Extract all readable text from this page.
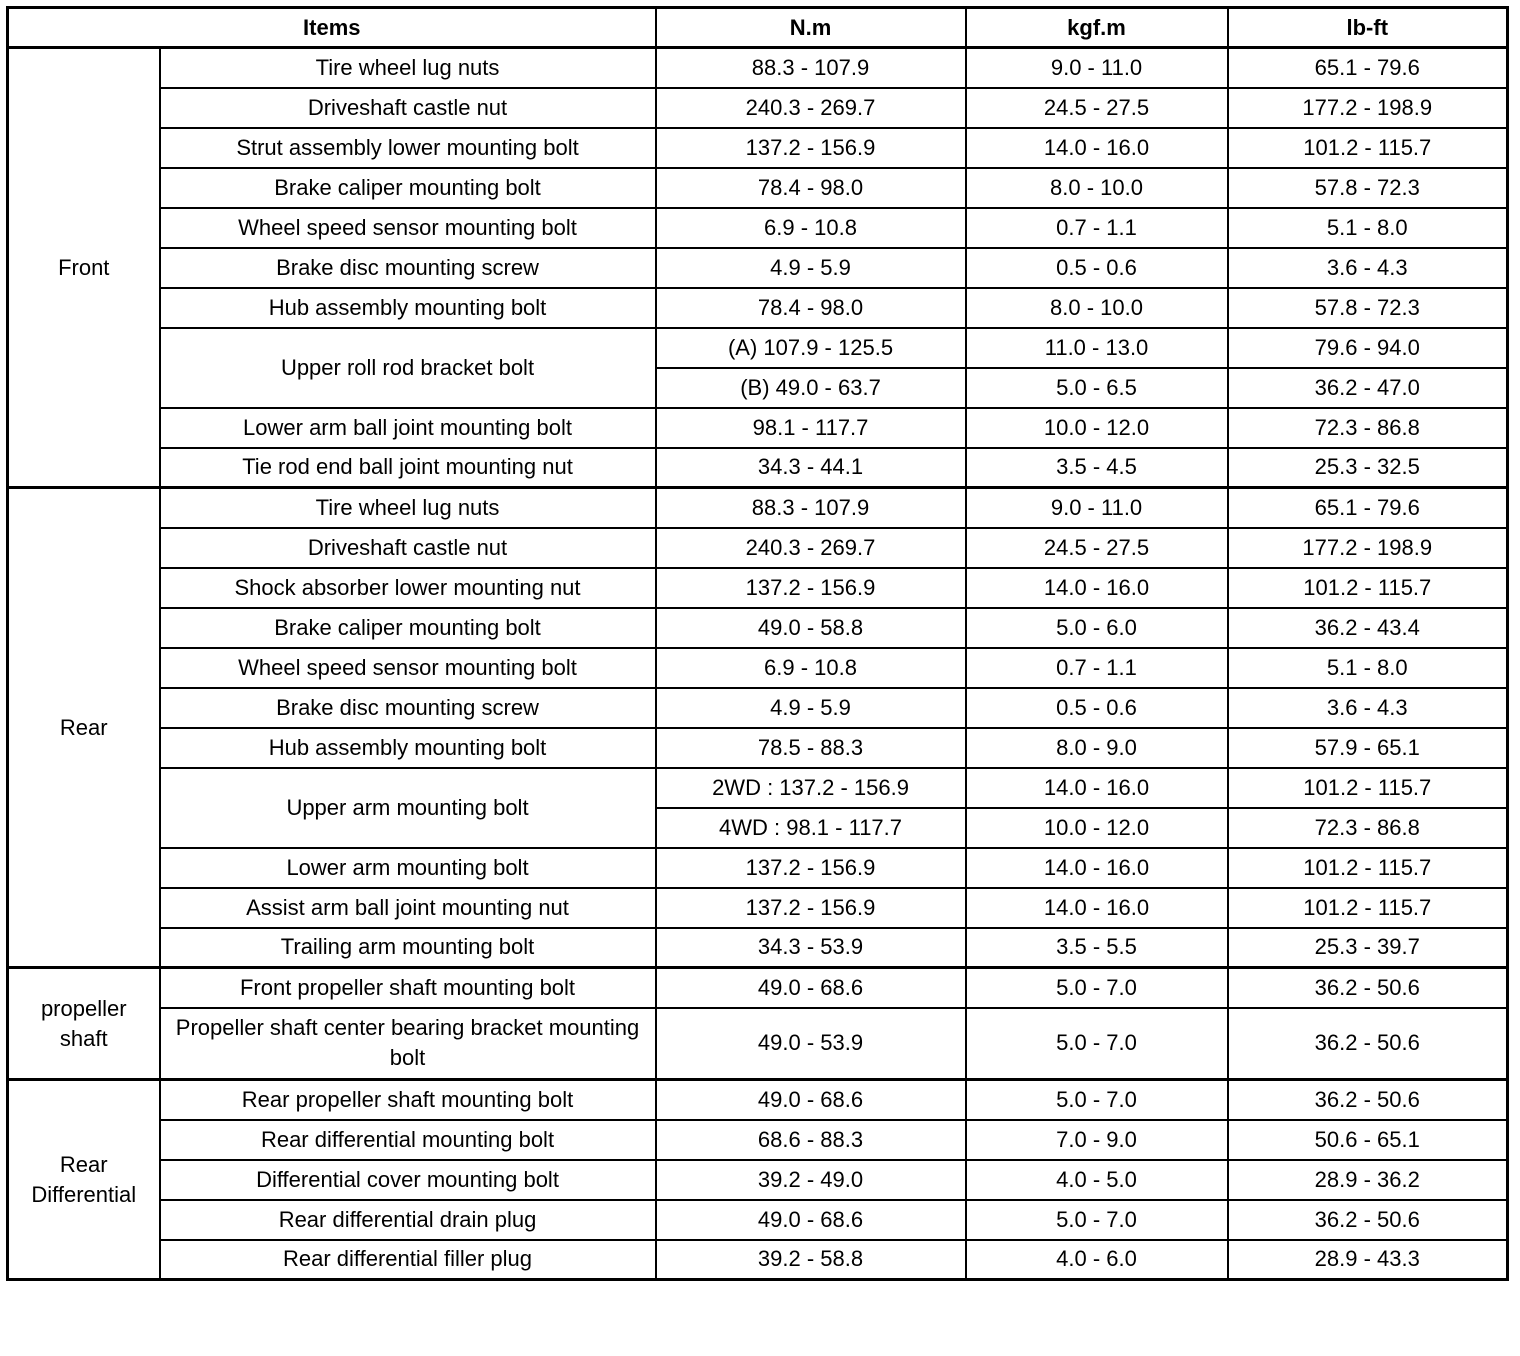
Items		N.m	kgf.m	lb-ft
Front	Tire wheel lug nuts	88.3 - 107.9	9.0 - 11.0	65.1 - 79.6
	Driveshaft castle nut	240.3 - 269.7	24.5 - 27.5	177.2 - 198.9
	Strut assembly lower mounting bolt	137.2 - 156.9	14.0 - 16.0	101.2 - 115.7
	Brake caliper mounting bolt	78.4 - 98.0	8.0 - 10.0	57.8 - 72.3
	Wheel speed sensor mounting bolt	6.9 - 10.8	0.7 - 1.1	5.1 - 8.0
	Brake disc mounting screw	4.9 - 5.9	0.5 - 0.6	3.6 - 4.3
	Hub assembly mounting bolt	78.4 - 98.0	8.0 - 10.0	57.8 - 72.3
	Upper roll rod bracket bolt	(A) 107.9 - 125.5	11.0 - 13.0	79.6 - 94.0
		(B) 49.0 - 63.7	5.0 - 6.5	36.2 - 47.0
	Lower arm ball joint mounting bolt	98.1 - 117.7	10.0 - 12.0	72.3 - 86.8
	Tie rod end ball joint mounting nut	34.3 - 44.1	3.5 - 4.5	25.3 - 32.5
Rear	Tire wheel lug nuts	88.3 - 107.9	9.0 - 11.0	65.1 - 79.6
	Driveshaft castle nut	240.3 - 269.7	24.5 - 27.5	177.2 - 198.9
	Shock absorber lower mounting nut	137.2 - 156.9	14.0 - 16.0	101.2 - 115.7
	Brake caliper mounting bolt	49.0 - 58.8	5.0 - 6.0	36.2 - 43.4
	Wheel speed sensor mounting bolt	6.9 - 10.8	0.7 - 1.1	5.1 - 8.0
	Brake disc mounting screw	4.9 - 5.9	0.5 - 0.6	3.6 - 4.3
	Hub assembly mounting bolt	78.5 - 88.3	8.0 - 9.0	57.9 - 65.1
	Upper arm mounting bolt	2WD : 137.2 - 156.9	14.0 - 16.0	101.2 - 115.7
		4WD : 98.1 - 117.7	10.0 - 12.0	72.3 - 86.8
	Lower arm mounting bolt	137.2 - 156.9	14.0 - 16.0	101.2 - 115.7
	Assist arm ball joint mounting nut	137.2 - 156.9	14.0 - 16.0	101.2 - 115.7
	Trailing arm mounting bolt	34.3 - 53.9	3.5 - 5.5	25.3 - 39.7
propeller shaft	Front propeller shaft mounting bolt	49.0 - 68.6	5.0 - 7.0	36.2 - 50.6
	Propeller shaft center bearing bracket mounting bolt	49.0 - 53.9	5.0 - 7.0	36.2 - 50.6
Rear Differential	Rear propeller shaft mounting bolt	49.0 - 68.6	5.0 - 7.0	36.2 - 50.6
	Rear differential mounting bolt	68.6 - 88.3	7.0 - 9.0	50.6 - 65.1
	Differential cover mounting bolt	39.2 - 49.0	4.0 - 5.0	28.9 - 36.2
	Rear differential drain plug	49.0 - 68.6	5.0 - 7.0	36.2 - 50.6
	Rear differential filler plug	39.2 - 58.8	4.0 - 6.0	28.9 - 43.3
